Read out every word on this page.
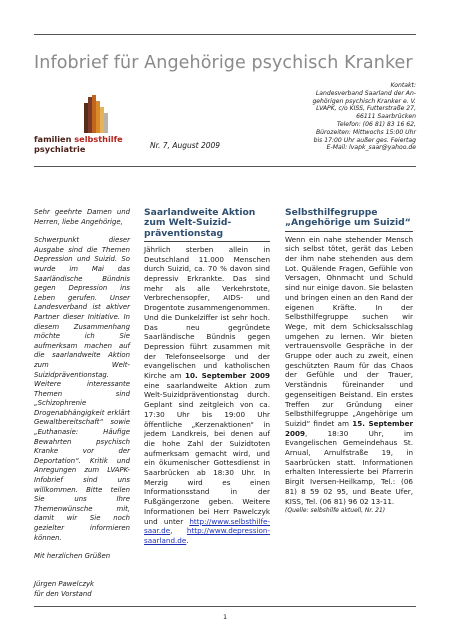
Infobrief für Angehörige psychisch Kranker
familien selbsthilfe
psychiatrie	Nr. 7, August 2009
Kontakt:
Landesverband Saarland der An-
gehörigen psychisch Kranker e. V.
LVAPK, c/o KISS, Futterstraße 27,
66111 Saarbrücken
Telefon: (06 81) 83 16 62,
Bürozeiten: Mittwochs 15:00 Uhr
bis 17:00 Uhr außer ges. Feiertag
E-Mail: lvapk_saar@yahoo.de

Sehr geehrte Damen und Herren, liebe Angehörige,

Schwerpunkt dieser Ausgabe sind die Themen Depression und Suizid. So wurde im Mai das Saarländische Bündnis gegen Depression ins Leben gerufen. Unser Landesverband ist aktiver Partner dieser Initiative. In diesem Zusammenhang möchte ich Sie aufmerksam machen auf die saarlandweite Aktion zum Welt-Suizidpräventionstag. Weitere interessante Themen sind „Schizophrenie Drogenabhängigkeit erklärt Gewaltbereitschaft“ sowie „Euthanasie: Häufige Bewahrten psychisch Kranke vor der Deportation“. Kritik und Anregungen zum LVAPK-Infobrief sind uns willkommen. Bitte teilen Sie uns Ihre Themenwünsche mit, damit wir Sie noch gezielter informieren können.

Mit herzlichen Grüßen

Jürgen Pawelczyk
für den Vorstand
Saarlandweite Aktion zum Welt-Suizid-präventionstag

Jährlich sterben allein in Deutschland 11.000 Menschen durch Suizid, ca. 70 % davon sind depressiv Erkrankte. Das sind mehr als alle Verkehrstote, Verbrechensopfer, AIDS- und Drogentote zusammengenommen. Und die Dunkelziffer ist sehr hoch. Das neu gegründete Saarländische Bündnis gegen Depression führt zusammen mit der Telefonseelsorge und der evangelischen und katholischen Kirche am 10. September 2009 eine saarlandweite Aktion zum Welt-Suizidpräventionstag durch. Geplant sind zeitgleich von ca. 17:30 Uhr bis 19:00 Uhr öffentliche „Kerzenaktionen“ in jedem Landkreis, bei denen auf die hohe Zahl der Suizidtoten aufmerksam gemacht wird, und ein ökumenischer Gottesdienst in Saarbrücken ab 18:30 Uhr. In Merzig wird es einen Informationsstand in der Fußgängerzone geben. Weitere Informationen bei Herr Pawelczyk und unter http://www.selbsthilfe-saar.de, http://www.depression-saarland.de.

Selbsthilfegruppe „Angehörige um Suizid“

Wenn ein nahe stehender Mensch sich selbst tötet, gerät das Leben der ihm nahe stehenden aus dem Lot. Quälende Fragen, Gefühle von Versagen, Ohnmacht und Schuld sind nur einige davon. Sie belasten und bringen einen an den Rand der eigenen Kräfte. In der Selbsthilfegruppe suchen wir Wege, mit dem Schicksalsschlag umgehen zu lernen. Wir bieten vertrauensvolle Gespräche in der Gruppe oder auch zu zweit, einen geschützten Raum für das Chaos der Gefühle und der Trauer, Verständnis füreinander und gegenseitigen Beistand. Ein erstes Treffen zur Gründung einer Selbsthilfegruppe „Angehörige um Suizid“ findet am 15. September 2009, 18:30 Uhr, im Evangelischen Gemeindehaus St. Arnual, Arnulfstraße 19, in Saarbrücken statt. Informationen erhalten Interessierte bei Pfarrerin Birgit Iversen-Heilkamp, Tel.: (06 81) 8 59 02 95, und Beate Ufer, KISS, Tel. (06 81) 96 02 13-11.

(Quelle: selbshilfe aktuell, Nr. 21)

1
